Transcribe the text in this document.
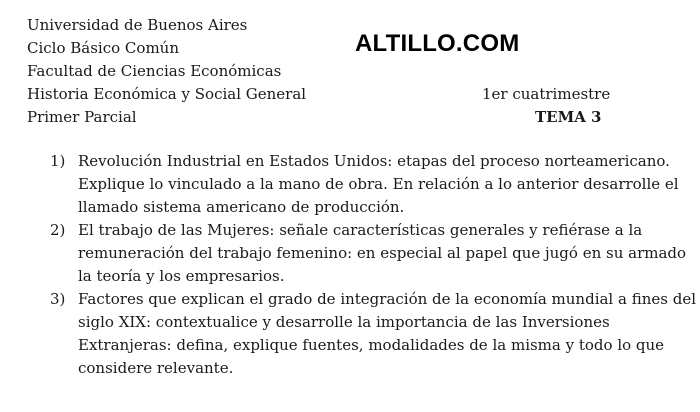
Universidad de Buenos Aires
Ciclo Básico Común
Facultad de Ciencias Económicas
Historia Económica y Social General	1er cuatrimestre
Primer Parcial	TEMA 3
ALTILLO.COM
1) Revolución Industrial en Estados Unidos: etapas del proceso norteamericano.
Explique lo vinculado a la mano de obra. En relación a lo anterior desarrolle el
llamado sistema americano de producción.
2) El trabajo de las Mujeres: señale características generales y refiérase a la
remuneración del trabajo femenino: en especial al papel que jugó en su armado
la teoría y los empresarios.
3) Factores que explican el grado de integración de la economía mundial a fines del
siglo XIX: contextualice y desarrolle la importancia de las Inversiones
Extranjeras: defina, explique fuentes, modalidades de la misma y todo lo que
considere relevante.
